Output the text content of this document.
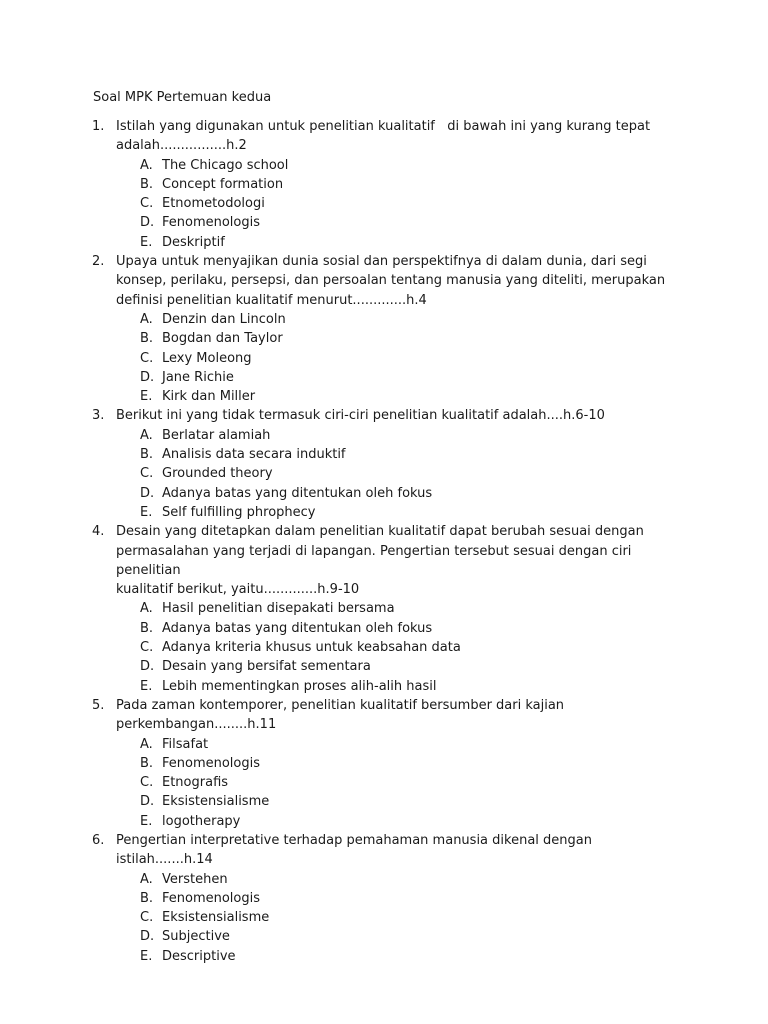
Soal MPK Pertemuan kedua
1. Istilah yang digunakan untuk penelitian kualitatif   di bawah ini yang kurang tepat
adalah................h.2
A. The Chicago school
B. Concept formation
C. Etnometodologi
D. Fenomenologis
E. Deskriptif
2. Upaya untuk menyajikan dunia sosial dan perspektifnya di dalam dunia, dari segi
konsep, perilaku, persepsi, dan persoalan tentang manusia yang diteliti, merupakan
definisi penelitian kualitatif menurut.............h.4
A. Denzin dan Lincoln
B. Bogdan dan Taylor
C. Lexy Moleong
D. Jane Richie
E. Kirk dan Miller
3. Berikut ini yang tidak termasuk ciri-ciri penelitian kualitatif adalah....h.6-10
A. Berlatar alamiah
B. Analisis data secara induktif
C. Grounded theory
D. Adanya batas yang ditentukan oleh fokus
E. Self fulfilling phrophecy
4. Desain yang ditetapkan dalam penelitian kualitatif dapat berubah sesuai dengan
permasalahan yang terjadi di lapangan. Pengertian tersebut sesuai dengan ciri penelitian
kualitatif berikut, yaitu.............h.9-10
A. Hasil penelitian disepakati bersama
B. Adanya batas yang ditentukan oleh fokus
C. Adanya kriteria khusus untuk keabsahan data
D. Desain yang bersifat sementara
E. Lebih mementingkan proses alih-alih hasil
5. Pada zaman kontemporer, penelitian kualitatif bersumber dari kajian
perkembangan........h.11
A. Filsafat
B. Fenomenologis
C. Etnografis
D. Eksistensialisme
E. logotherapy
6. Pengertian interpretative terhadap pemahaman manusia dikenal dengan istilah.......h.14
A. Verstehen
B. Fenomenologis
C. Eksistensialisme
D. Subjective
E. Descriptive
